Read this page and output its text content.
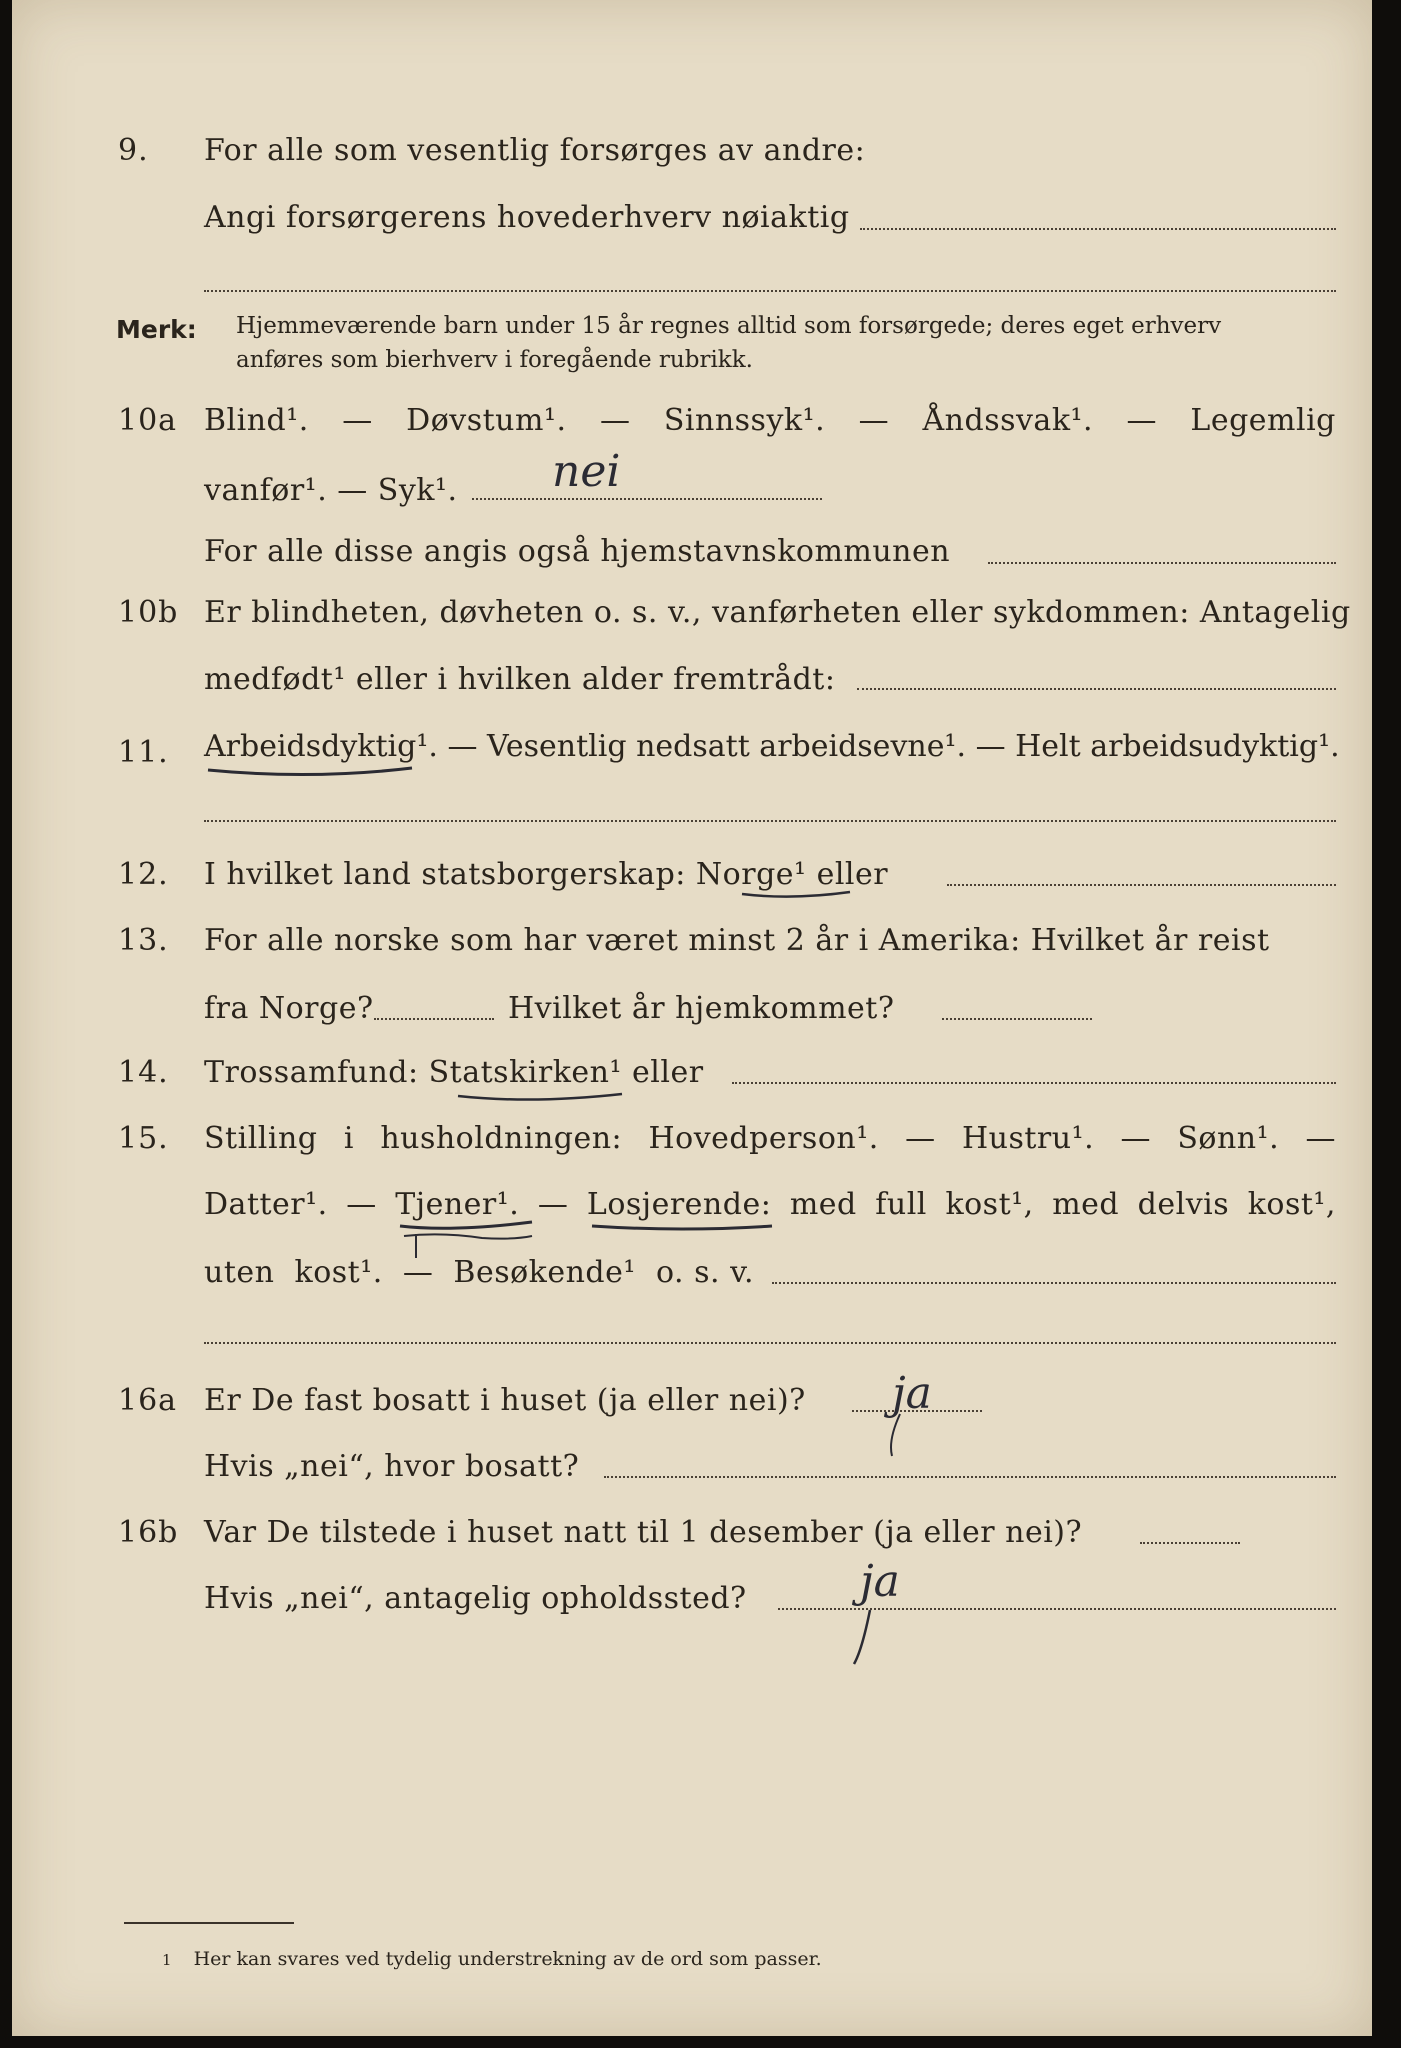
9. For alle som vesentlig forsørges av andre:
Angi forsørgerens hovederhverv nøiaktig
Merk: Hjemmeværende barn under 15 år regnes alltid som forsørgede; deres eget erhverv
anføres som bierhverv i foregående rubrikk.
10a Blind¹. — Døvstum¹. — Sinnssyk¹. — Åndssvak¹. — Legemlig
vanfør¹. — Syk¹. nei
For alle disse angis også hjemstavnskommunen
10b Er blindheten, døvheten o. s. v., vanførheten eller sykdommen: Antagelig
medfødt¹ eller i hvilken alder fremtrådt:
11. Arbeidsdyktig¹. — Vesentlig nedsatt arbeidsevne¹. — Helt arbeidsudyktig¹.
12. I hvilket land statsborgerskap: Norge¹ eller
13. For alle norske som har været minst 2 år i Amerika: Hvilket år reist
fra Norge?	Hvilket år hjemkommet?
14. Trossamfund: Statskirken¹ eller
15. Stilling i husholdningen: Hovedperson¹. — Hustru¹. — Sønn¹. —
Datter¹. — Tjener¹. — Losjerende: med full kost¹, med delvis kost¹,
uten  kost¹.  —  Besøkende¹  o. s. v.
16a Er De fast bosatt i huset (ja eller nei)? ja
Hvis „nei“, hvor bosatt?
16b Var De tilstede i huset natt til 1 desember (ja eller nei)?
Hvis „nei“, antagelig opholdssted?	ja
1 Her kan svares ved tydelig understrekning av de ord som passer.
